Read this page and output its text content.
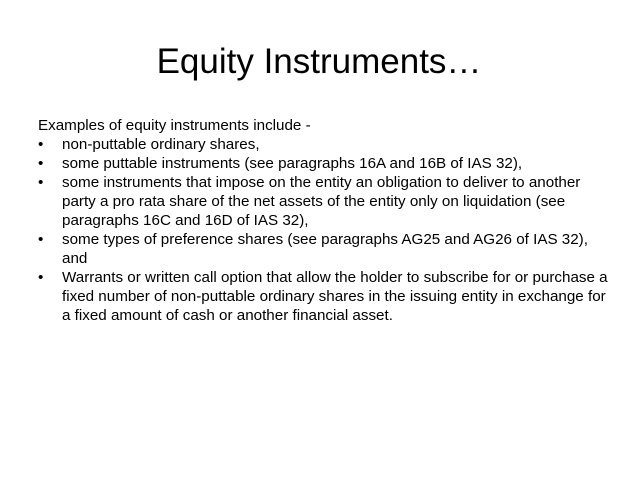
Equity Instruments…

Examples of equity instruments include -

• non-puttable ordinary shares,
• some puttable instruments (see paragraphs 16A and 16B of IAS 32),
• some instruments that impose on the entity an obligation to deliver to another party a pro rata share of the net assets of the entity only on liquidation (see paragraphs 16C and 16D of IAS 32),
• some types of preference shares (see paragraphs AG25 and AG26 of IAS 32), and
• Warrants or written call option that allow the holder to subscribe for or purchase a fixed number of non-puttable ordinary shares in the issuing entity in exchange for a fixed amount of cash or another financial asset.
